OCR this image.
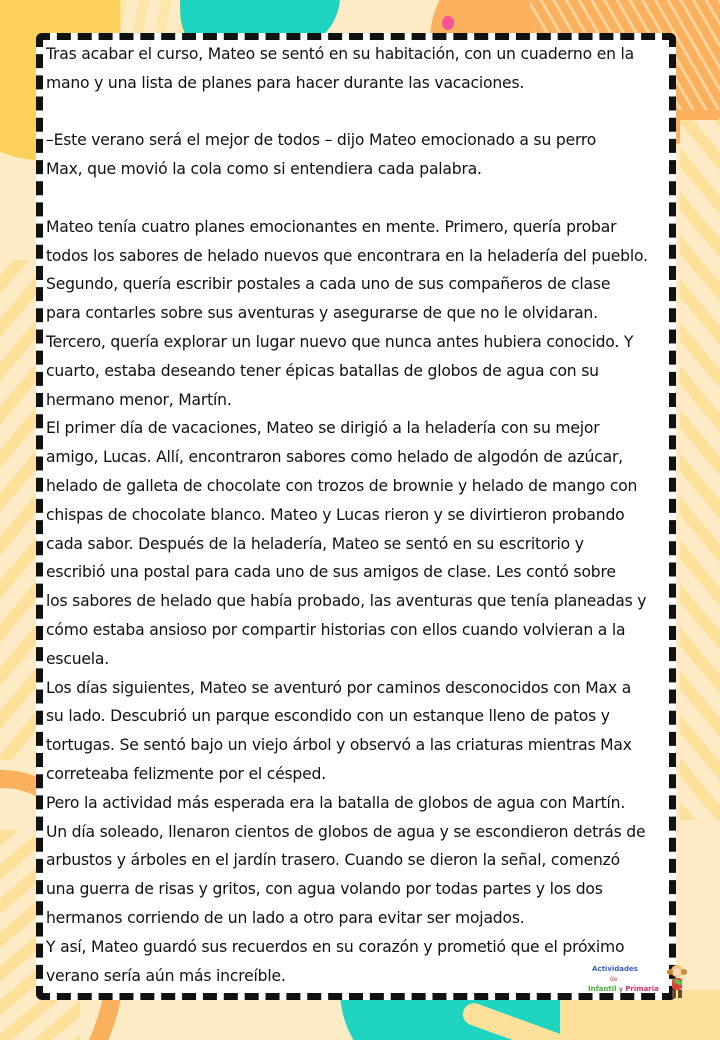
Tras acabar el curso, Mateo se sentó en su habitación, con un cuaderno en la
mano y una lista de planes para hacer durante las vacaciones.

–Este verano será el mejor de todos – dijo Mateo emocionado a su perro
Max, que movió la cola como si entendiera cada palabra.

Mateo tenía cuatro planes emocionantes en mente. Primero, quería probar
todos los sabores de helado nuevos que encontrara en la heladería del pueblo.
Segundo, quería escribir postales a cada uno de sus compañeros de clase
para contarles sobre sus aventuras y asegurarse de que no le olvidaran.
Tercero, quería explorar un lugar nuevo que nunca antes hubiera conocido. Y
cuarto, estaba deseando tener épicas batallas de globos de agua con su
hermano menor, Martín.

El primer día de vacaciones, Mateo se dirigió a la heladería con su mejor
amigo, Lucas. Allí, encontraron sabores como helado de algodón de azúcar,
helado de galleta de chocolate con trozos de brownie y helado de mango con
chispas de chocolate blanco. Mateo y Lucas rieron y se divirtieron probando
cada sabor. Después de la heladería, Mateo se sentó en su escritorio y
escribió una postal para cada uno de sus amigos de clase. Les contó sobre
los sabores de helado que había probado, las aventuras que tenía planeadas y
cómo estaba ansioso por compartir historias con ellos cuando volvieran a la
escuela.

Los días siguientes, Mateo se aventuró por caminos desconocidos con Max a
su lado. Descubrió un parque escondido con un estanque lleno de patos y
tortugas. Se sentó bajo un viejo árbol y observó a las criaturas mientras Max
correteaba felizmente por el césped.

Pero la actividad más esperada era la batalla de globos de agua con Martín.
Un día soleado, llenaron cientos de globos de agua y se escondieron detrás de
arbustos y árboles en el jardín trasero. Cuando se dieron la señal, comenzó
una guerra de risas y gritos, con agua volando por todas partes y los dos
hermanos corriendo de un lado a otro para evitar ser mojados.

Y así, Mateo guardó sus recuerdos en su corazón y prometió que el próximo
verano sería aún más increíble.	Actividades
de
Infantil y Primaria
